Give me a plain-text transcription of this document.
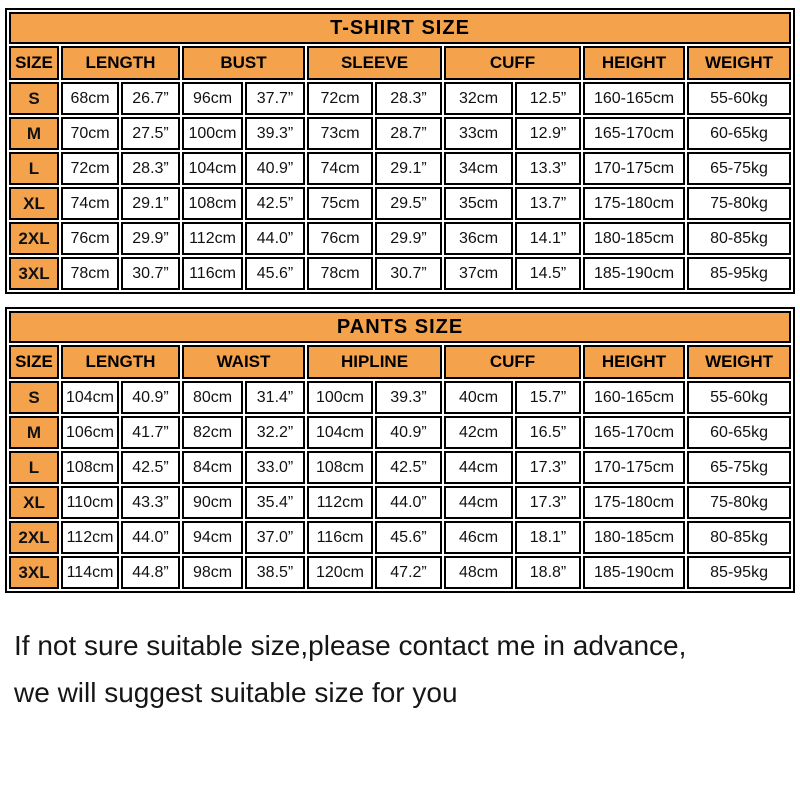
T-SHIRT SIZE										
SIZE	LENGTH		BUST		SLEEVE		CUFF		HEIGHT	WEIGHT
S	68cm	26.7”	96cm	37.7”	72cm	28.3”	32cm	12.5”	160-165cm	55-60kg
M	70cm	27.5”	100cm	39.3”	73cm	28.7”	33cm	12.9”	165-170cm	60-65kg
L	72cm	28.3”	104cm	40.9”	74cm	29.1”	34cm	13.3”	170-175cm	65-75kg
XL	74cm	29.1”	108cm	42.5”	75cm	29.5”	35cm	13.7”	175-180cm	75-80kg
2XL	76cm	29.9”	112cm	44.0”	76cm	29.9”	36cm	14.1”	180-185cm	80-85kg
3XL	78cm	30.7”	116cm	45.6”	78cm	30.7”	37cm	14.5”	185-190cm	85-95kg
PANTS SIZE										
SIZE	LENGTH		WAIST		HIPLINE		CUFF		HEIGHT	WEIGHT
S	104cm	40.9”	80cm	31.4”	100cm	39.3”	40cm	15.7”	160-165cm	55-60kg
M	106cm	41.7”	82cm	32.2”	104cm	40.9”	42cm	16.5”	165-170cm	60-65kg
L	108cm	42.5”	84cm	33.0”	108cm	42.5”	44cm	17.3”	170-175cm	65-75kg
XL	110cm	43.3”	90cm	35.4”	112cm	44.0”	44cm	17.3”	175-180cm	75-80kg
2XL	112cm	44.0”	94cm	37.0”	116cm	45.6”	46cm	18.1”	180-185cm	80-85kg
3XL	114cm	44.8”	98cm	38.5”	120cm	47.2”	48cm	18.8”	185-190cm	85-95kg

If not sure suitable size,please contact me in advance,

we will suggest suitable size for you
